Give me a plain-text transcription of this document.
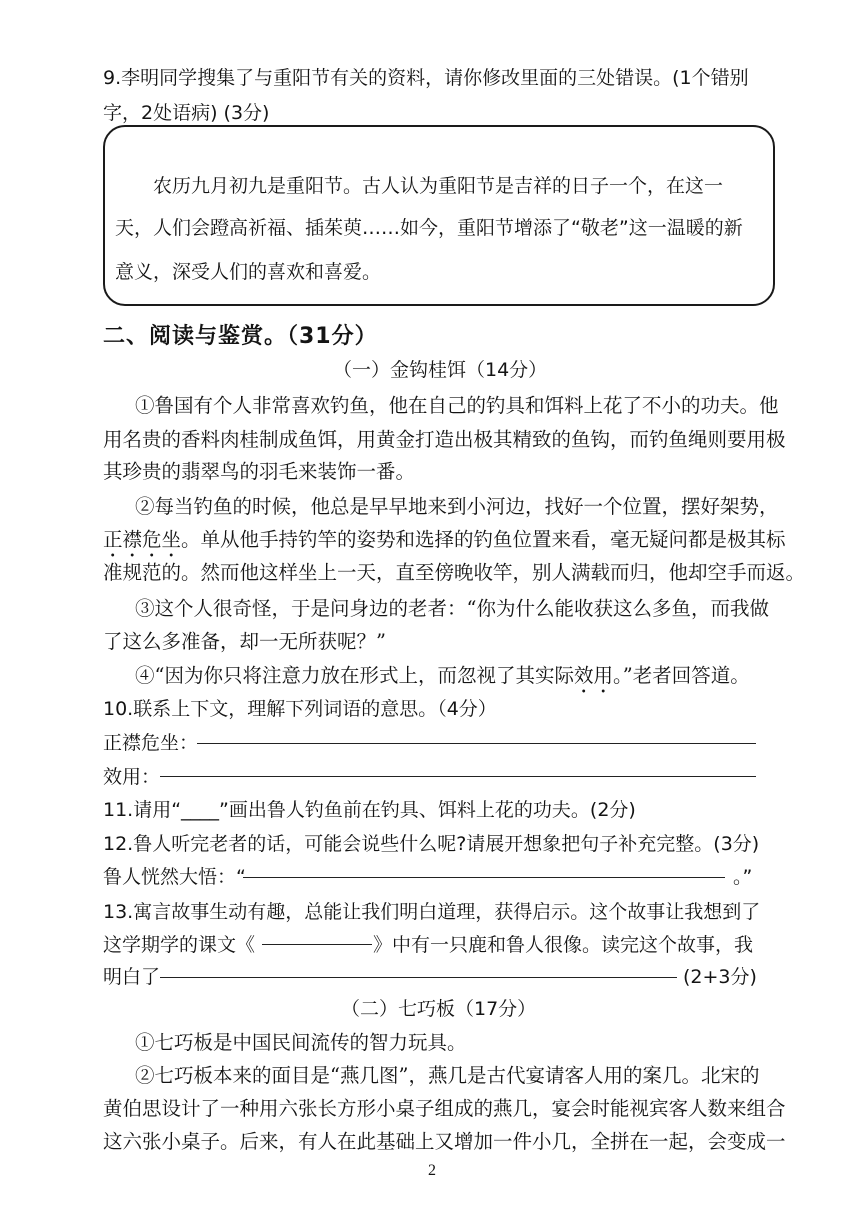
9.李明同学搜集了与重阳节有关的资料，请你修改里面的三处错误。(1个错别
字，2处语病) (3分)
农历九月初九是重阳节。古人认为重阳节是吉祥的日子一个，在这一
天，人们会蹬高祈福、插茱萸……如今，重阳节增添了“敬老”这一温暖的新
意义，深受人们的喜欢和喜爱。
二、阅读与鉴赏。（31分）
（一）金钩桂饵（14分）
①鲁国有个人非常喜欢钓鱼，他在自己的钓具和饵料上花了不小的功夫。他
用名贵的香料肉桂制成鱼饵，用黄金打造出极其精致的鱼钩，而钓鱼绳则要用极
其珍贵的翡翠鸟的羽毛来装饰一番。
②每当钓鱼的时候，他总是早早地来到小河边，找好一个位置，摆好架势，
正襟危坐。单从他手持钓竿的姿势和选择的钓鱼位置来看，毫无疑问都是极其标
准规范的。然而他这样坐上一天，直至傍晚收竿，别人满载而归，他却空手而返。
③这个人很奇怪，于是问身边的老者：“你为什么能收获这么多鱼，而我做
了这么多准备，却一无所获呢？”
④“因为你只将注意力放在形式上，而忽视了其实际效用。”老者回答道。
10.联系上下文，理解下列词语的意思。（4分）
正襟危坐：
效用：
11.请用“____”画出鲁人钓鱼前在钓具、饵料上花的功夫。(2分)
12.鲁人听完老者的话，可能会说些什么呢?请展开想象把句子补充完整。(3分)
鲁人恍然大悟：“	。”
13.寓言故事生动有趣，总能让我们明白道理，获得启示。这个故事让我想到了
这学期学的课文《	》中有一只鹿和鲁人很像。读完这个故事，我
明白了	(2+3分)
（二）七巧板（17分）
①七巧板是中国民间流传的智力玩具。
②七巧板本来的面目是“燕几图”，燕几是古代宴请客人用的案几。北宋的
黄伯思设计了一种用六张长方形小桌子组成的燕几，宴会时能视宾客人数来组合
这六张小桌子。后来，有人在此基础上又增加一件小几，全拼在一起，会变成一
2
